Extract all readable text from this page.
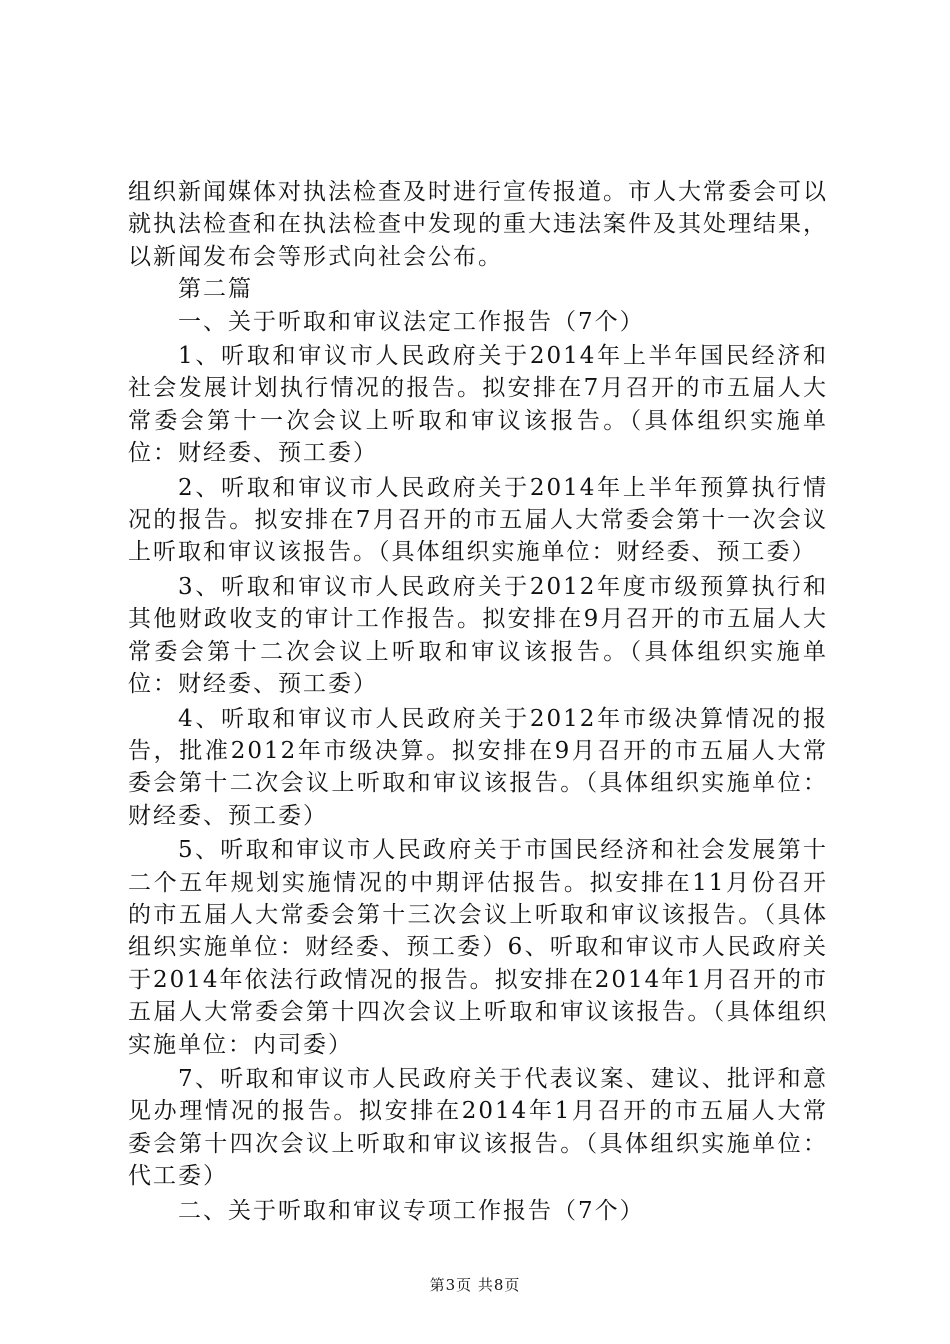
组织新闻媒体对执法检查及时进行宣传报道。市人大常委会可以就执法检查和在执法检查中发现的重大违法案件及其处理结果，以新闻发布会等形式向社会公布。

第二篇

一、关于听取和审议法定工作报告（7个）

1、听取和审议市人民政府关于2014年上半年国民经济和社会发展计划执行情况的报告。拟安排在7月召开的市五届人大常委会第十一次会议上听取和审议该报告。（具体组织实施单位：财经委、预工委）

2、听取和审议市人民政府关于2014年上半年预算执行情况的报告。拟安排在7月召开的市五届人大常委会第十一次会议上听取和审议该报告。（具体组织实施单位：财经委、预工委）

3、听取和审议市人民政府关于2012年度市级预算执行和其他财政收支的审计工作报告。拟安排在9月召开的市五届人大常委会第十二次会议上听取和审议该报告。（具体组织实施单位：财经委、预工委）

4、听取和审议市人民政府关于2012年市级决算情况的报告，批准2012年市级决算。拟安排在9月召开的市五届人大常委会第十二次会议上听取和审议该报告。（具体组织实施单位：财经委、预工委）

5、听取和审议市人民政府关于市国民经济和社会发展第十二个五年规划实施情况的中期评估报告。拟安排在11月份召开的市五届人大常委会第十三次会议上听取和审议该报告。（具体组织实施单位：财经委、预工委）6、听取和审议市人民政府关于2014年依法行政情况的报告。拟安排在2014年1月召开的市五届人大常委会第十四次会议上听取和审议该报告。（具体组织实施单位：内司委）

7、听取和审议市人民政府关于代表议案、建议、批评和意见办理情况的报告。拟安排在2014年1月召开的市五届人大常委会第十四次会议上听取和审议该报告。（具体组织实施单位：代工委）

二、关于听取和审议专项工作报告（7个）

第3页 共8页
